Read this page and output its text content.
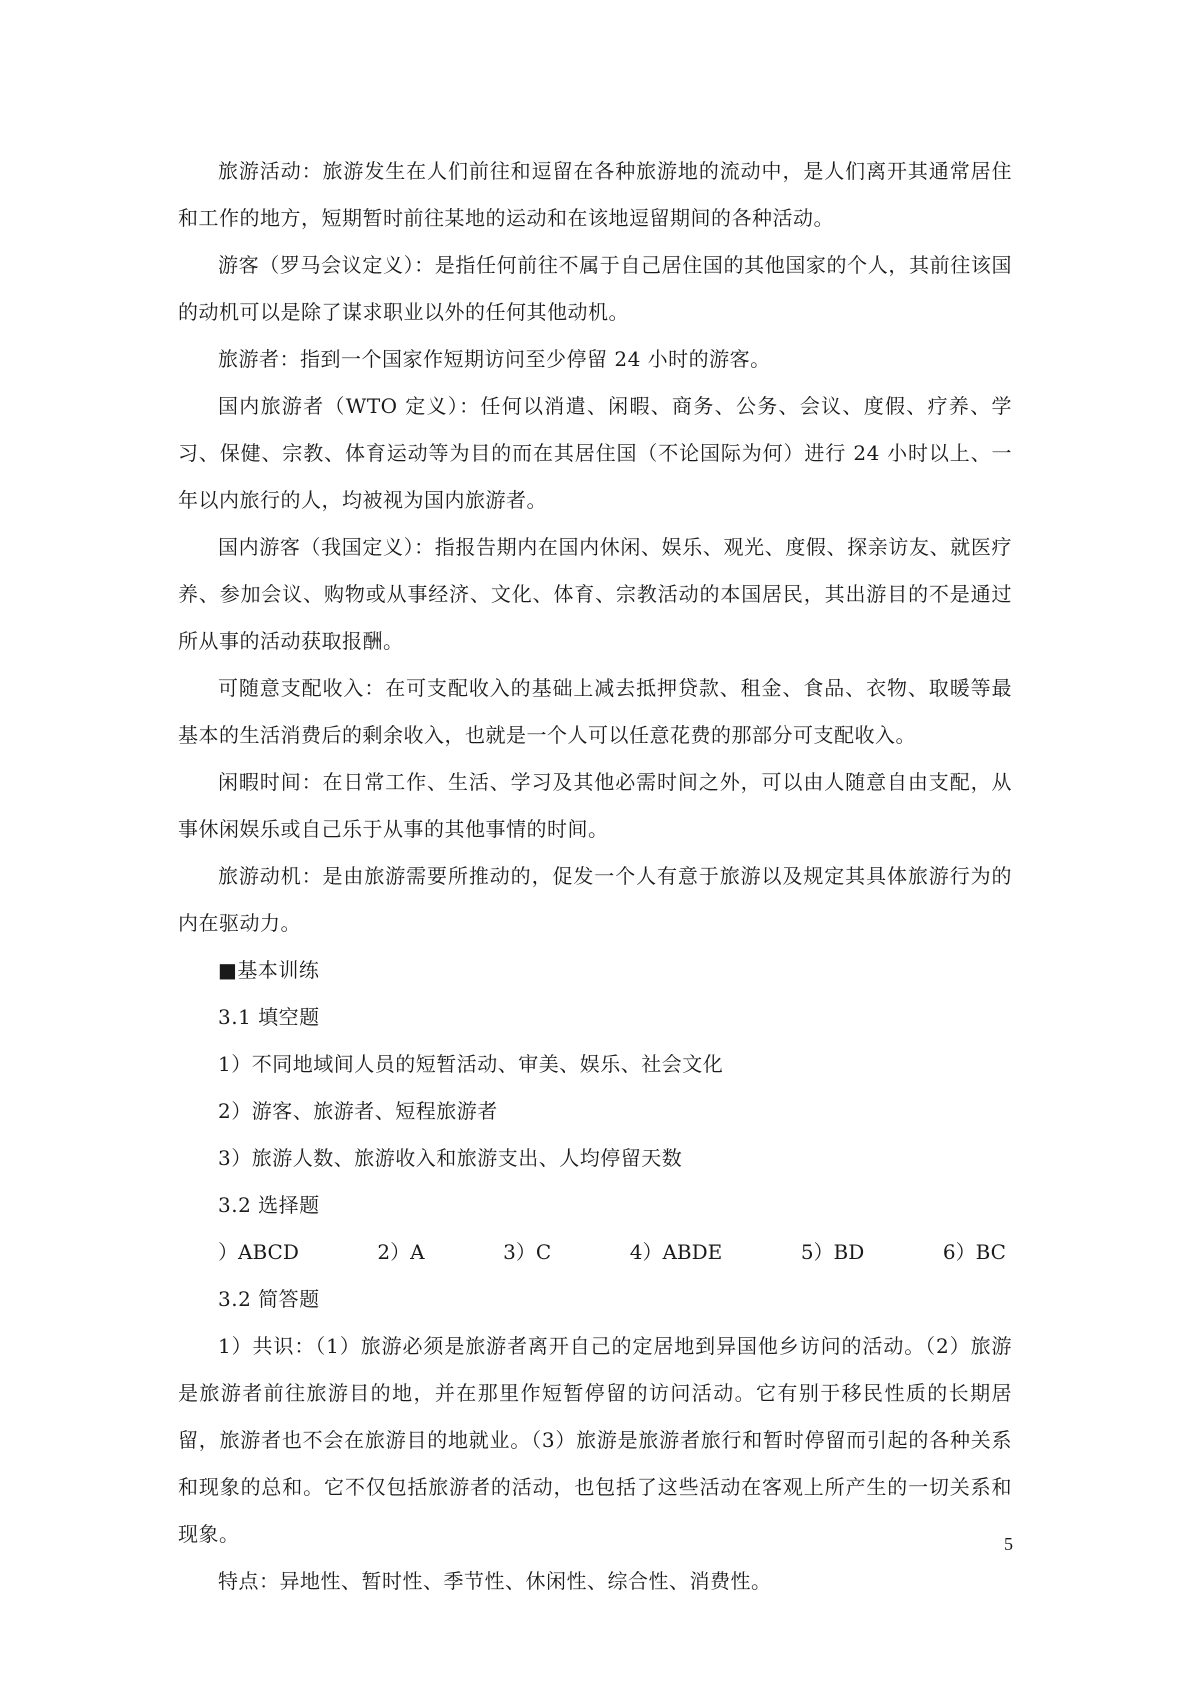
旅游活动：旅游发生在人们前往和逗留在各种旅游地的流动中，是人们离开其通常居住和工作的地方，短期暂时前往某地的运动和在该地逗留期间的各种活动。

游客（罗马会议定义）：是指任何前往不属于自己居住国的其他国家的个人，其前往该国的动机可以是除了谋求职业以外的任何其他动机。

旅游者：指到一个国家作短期访问至少停留 24 小时的游客。

国内旅游者（WTO 定义）：任何以消遣、闲暇、商务、公务、会议、度假、疗养、学习、保健、宗教、体育运动等为目的而在其居住国（不论国际为何）进行 24 小时以上、一年以内旅行的人，均被视为国内旅游者。

国内游客（我国定义）：指报告期内在国内休闲、娱乐、观光、度假、探亲访友、就医疗养、参加会议、购物或从事经济、文化、体育、宗教活动的本国居民，其出游目的不是通过所从事的活动获取报酬。

可随意支配收入：在可支配收入的基础上减去抵押贷款、租金、食品、衣物、取暖等最基本的生活消费后的剩余收入，也就是一个人可以任意花费的那部分可支配收入。

闲暇时间：在日常工作、生活、学习及其他必需时间之外，可以由人随意自由支配，从事休闲娱乐或自己乐于从事的其他事情的时间。

旅游动机：是由旅游需要所推动的，促发一个人有意于旅游以及规定其具体旅游行为的内在驱动力。

■基本训练

3.1 填空题

1）不同地域间人员的短暂活动、审美、娱乐、社会文化

2）游客、旅游者、短程旅游者

3）旅游人数、旅游收入和旅游支出、人均停留天数

3.2 选择题

）ABCD	2）A	3）C	4）ABDE	5）BD	6）BC

3.2 简答题

1）共识：（1）旅游必须是旅游者离开自己的定居地到异国他乡访问的活动。（2）旅游是旅游者前往旅游目的地，并在那里作短暂停留的访问活动。它有别于移民性质的长期居留，旅游者也不会在旅游目的地就业。（3）旅游是旅游者旅行和暂时停留而引起的各种关系和现象的总和。它不仅包括旅游者的活动，也包括了这些活动在客观上所产生的一切关系和现象。

特点：异地性、暂时性、季节性、休闲性、综合性、消费性。

5
